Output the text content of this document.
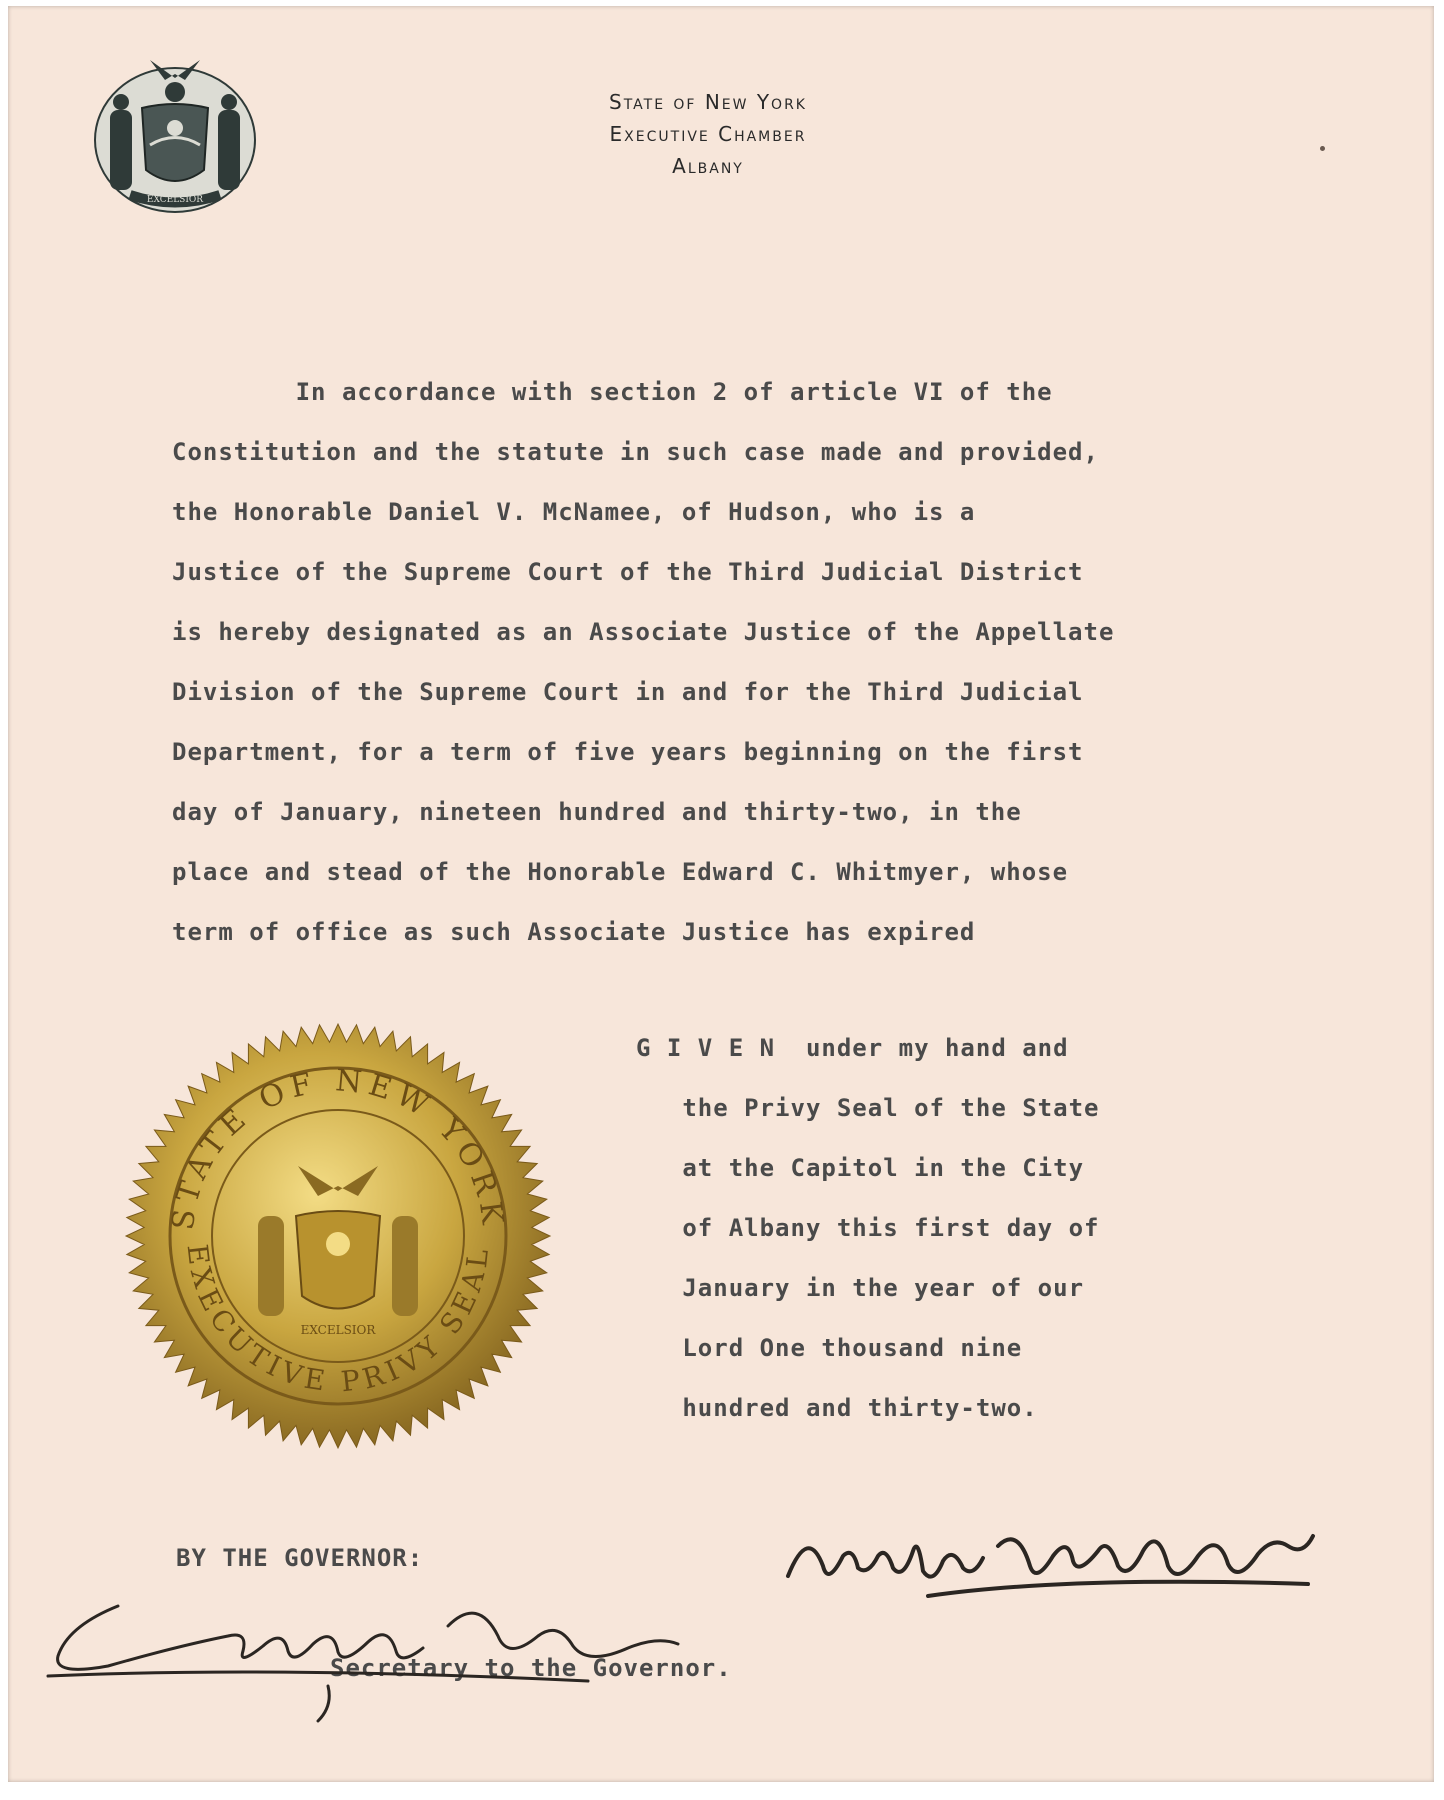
EXCELSIOR
State of New York
Executive Chamber
Albany
In accordance with section 2 of article VI of the
Constitution and the statute in such case made and provided,
the Honorable Daniel V. McNamee, of Hudson, who is a
Justice of the Supreme Court of the Third Judicial District
is hereby designated as an Associate Justice of the Appellate
Division of the Supreme Court in and for the Third Judicial
Department, for a term of five years beginning on the first
day of January, nineteen hundred and thirty-two, in the
place and stead of the Honorable Edward C. Whitmyer, whose
term of office as such Associate Justice has expired
STATE OF NEW YORK
EXECUTIVE PRIVY SEAL
EXCELSIOR
G I V E N  under my hand and
the Privy Seal of the State
at the Capitol in the City
of Albany this first day of
January in the year of our
Lord One thousand nine
hundred and thirty-two.
BY THE GOVERNOR:
Secretary to the Governor.
